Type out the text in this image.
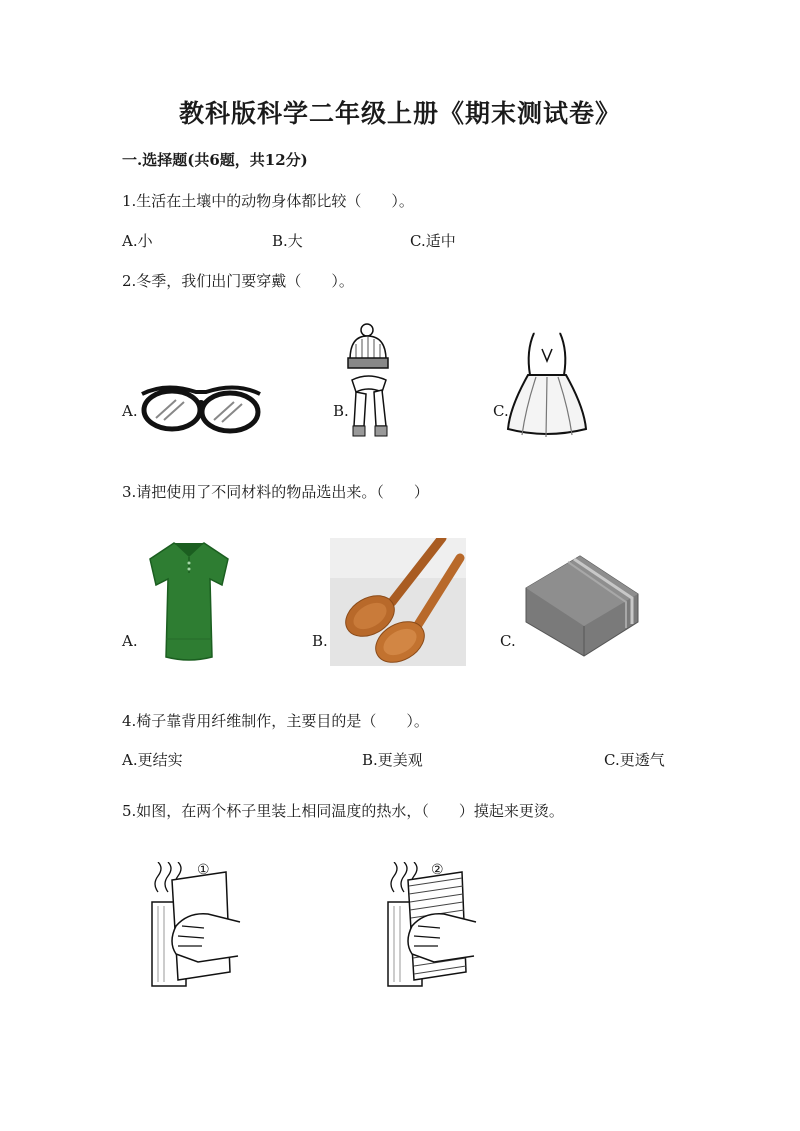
教科版科学二年级上册《期末测试卷》
一.选择题(共6题，共12分)
1.生活在土壤中的动物身体都比较（　　）。
A.小	B.大	C.适中
2.冬季，我们出门要穿戴（　　）。
A.	B.	C.
3.请把使用了不同材料的物品选出来。（　　）
A.	B.	C.
4.椅子靠背用纤维制作，主要目的是（　　）。
A.更结实	B.更美观	C.更透气
5.如图，在两个杯子里装上相同温度的热水，（　　）摸起来更烫。
①	②
